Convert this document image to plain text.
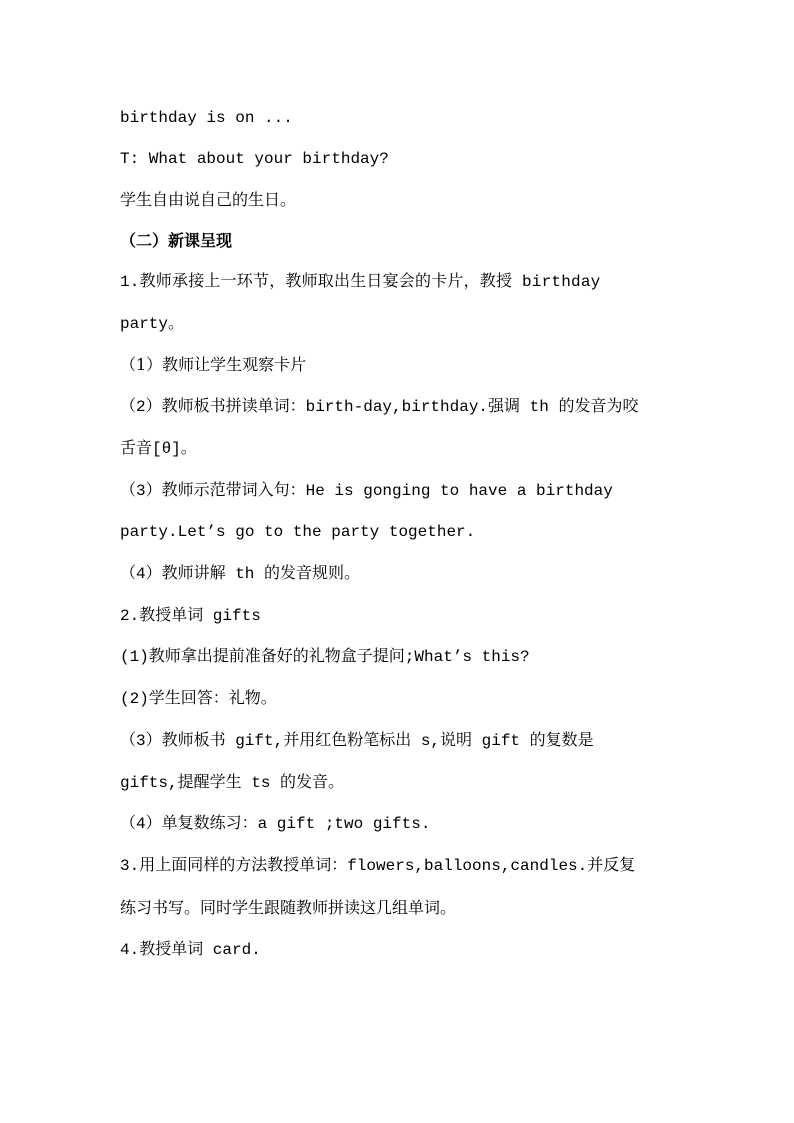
birthday is on ...
T: What about your birthday?
学生自由说自己的生日。
（二）新课呈现
1.教师承接上一环节，教师取出生日宴会的卡片，教授 birthday
party。
（1）教师让学生观察卡片
（2）教师板书拼读单词：birth-day,birthday.强调 th 的发音为咬
舌音[θ]。
（3）教师示范带词入句：He is gonging to have a birthday
party.Let’s go to the party together.
（4）教师讲解 th 的发音规则。
2.教授单词 gifts
(1)教师拿出提前准备好的礼物盒子提问;What’s this?
(2)学生回答：礼物。
（3）教师板书 gift,并用红色粉笔标出 s,说明 gift 的复数是
gifts,提醒学生 ts 的发音。
（4）单复数练习：a gift ;two gifts.
3.用上面同样的方法教授单词：flowers,balloons,candles.并反复
练习书写。同时学生跟随教师拼读这几组单词。
4.教授单词 card.
